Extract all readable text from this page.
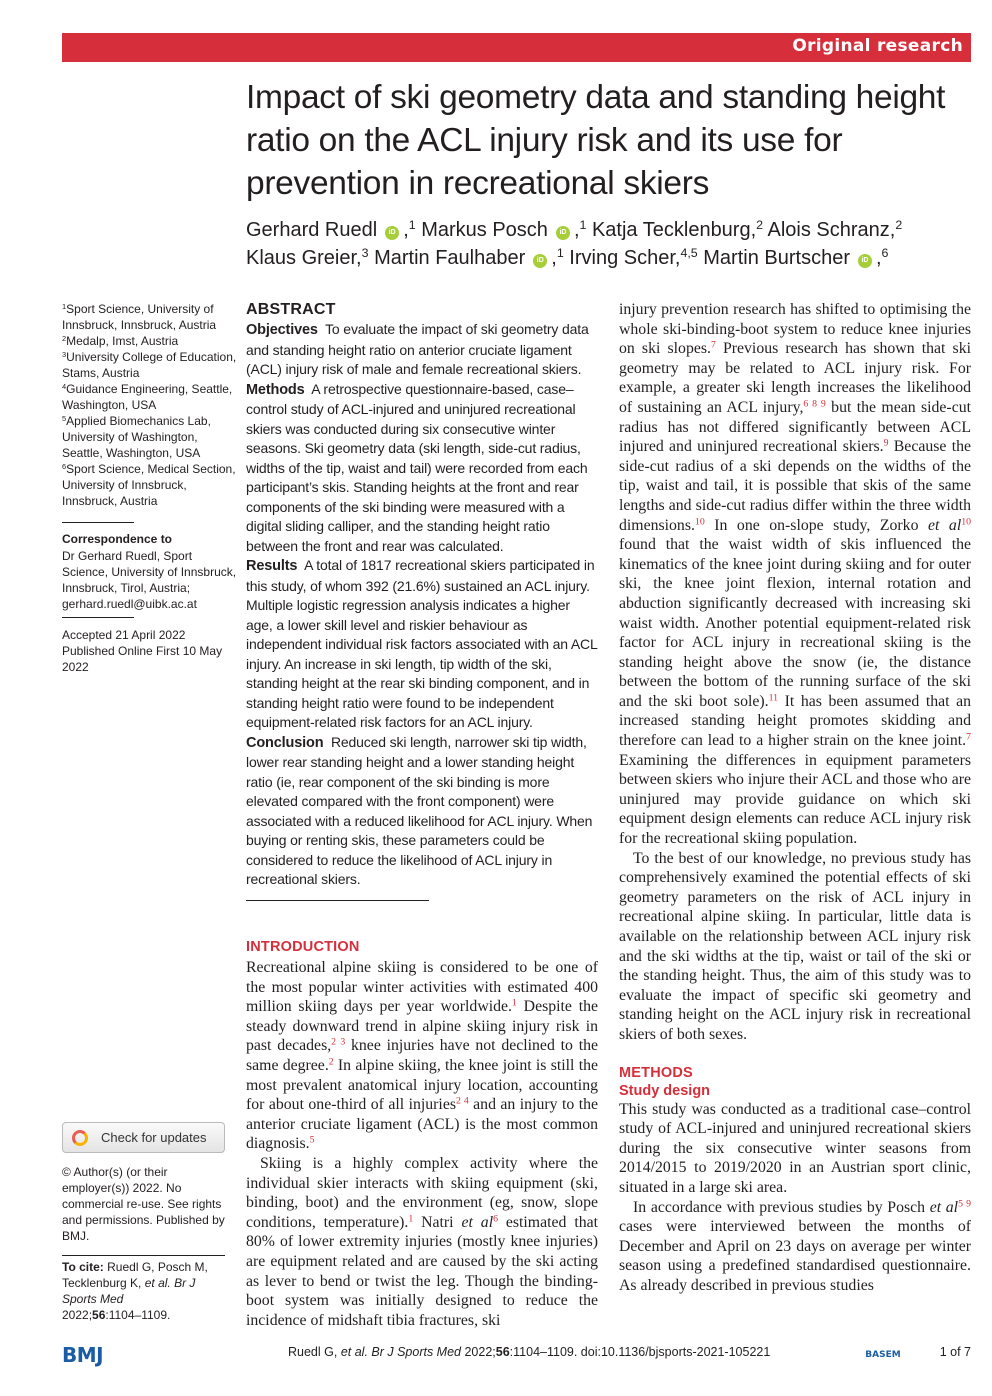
Original research
Impact of ski geometry data and standing height ratio on the ACL injury risk and its use for prevention in recreational skiers
Gerhard Ruedl iD ,$^1$ Markus Posch iD ,$^1$ Katja Tecklenburg,$^2$ Alois Schranz,$^2$
Klaus Greier,$^3$ Martin Faulhaber iD ,$^1$ Irving Scher,$^{4,5}$ Martin Burtscher iD ,$^6$

$^1$Sport Science, University of Innsbruck, Innsbruck, Austria

$^2$Medalp, Imst, Austria

$^3$University College of Education, Stams, Austria

$^4$Guidance Engineering, Seattle, Washington, USA

$^5$Applied Biomechanics Lab, University of Washington, Seattle, Washington, USA

$^6$Sport Science, Medical Section, University of Innsbruck, Innsbruck, Austria

Correspondence to

Dr Gerhard Ruedl, Sport Science, University of Innsbruck, Innsbruck, Tirol, Austria; gerhard.ruedl@uibk.ac.at

Accepted 21 April 2022

Published Online First 10 May 2022

Check for updates
© Author(s) (or their employer(s)) 2022. No commercial re-use. See rights and permissions. Published by BMJ.
To cite: Ruedl G, Posch M, Tecklenburg K, et al. Br J Sports Med
2022;56:1104–1109.
ABSTRACT

Objectives To evaluate the impact of ski geometry data and standing height ratio on anterior cruciate ligament (ACL) injury risk of male and female recreational skiers.

Methods A retrospective questionnaire-based, case–control study of ACL-injured and uninjured recreational skiers was conducted during six consecutive winter seasons. Ski geometry data (ski length, side-cut radius, widths of the tip, waist and tail) were recorded from each participant’s skis. Standing heights at the front and rear components of the ski binding were measured with a digital sliding calliper, and the standing height ratio between the front and rear was calculated.

Results A total of 1817 recreational skiers participated in this study, of whom 392 (21.6%) sustained an ACL injury. Multiple logistic regression analysis indicates a higher age, a lower skill level and riskier behaviour as independent individual risk factors associated with an ACL injury. An increase in ski length, tip width of the ski, standing height at the rear ski binding component, and in standing height ratio were found to be independent equipment-related risk factors for an ACL injury.

Conclusion Reduced ski length, narrower ski tip width, lower rear standing height and a lower standing height ratio (ie, rear component of the ski binding is more elevated compared with the front component) were associated with a reduced likelihood for ACL injury. When buying or renting skis, these parameters could be considered to reduce the likelihood of ACL injury in recreational skiers.

INTRODUCTION

Recreational alpine skiing is considered to be one of the most popular winter activities with estimated 400 million skiing days per year worldwide.$^1$ Despite the steady downward trend in alpine skiing injury risk in past decades,$^{2 3}$ knee injuries have not declined to the same degree.$^2$ In alpine skiing, the knee joint is still the most prevalent anatomical injury location, accounting for about one-third of all injuries$^{2 4}$ and an injury to the anterior cruciate ligament (ACL) is the most common diagnosis.$^5$

Skiing is a highly complex activity where the individual skier interacts with skiing equipment (ski, binding, boot) and the environment (eg, snow, slope conditions, temperature).$^1$ Natri et al$^6$ estimated that 80% of lower extremity injuries (mostly knee injuries) are equipment related and are caused by the ski acting as lever to bend or twist the leg. Though the binding-boot system was initially designed to reduce the incidence of midshaft tibia fractures, ski

injury prevention research has shifted to optimising the whole ski-binding-boot system to reduce knee injuries on ski slopes.$^7$ Previous research has shown that ski geometry may be related to ACL injury risk. For example, a greater ski length increases the likelihood of sustaining an ACL injury,$^{6 8 9}$ but the mean side-cut radius has not differed significantly between ACL injured and uninjured recreational skiers.$^9$ Because the side-cut radius of a ski depends on the widths of the tip, waist and tail, it is possible that skis of the same lengths and side-cut radius differ within the three width dimensions.$^{10}$ In one on-slope study, Zorko et al$^{10}$ found that the waist width of skis influenced the kinematics of the knee joint during skiing and for outer ski, the knee joint flexion, internal rotation and abduction significantly decreased with increasing ski waist width. Another potential equipment-related risk factor for ACL injury in recreational skiing is the standing height above the snow (ie, the distance between the bottom of the running surface of the ski and the ski boot sole).$^{11}$ It has been assumed that an increased standing height promotes skidding and therefore can lead to a higher strain on the knee joint.$^7$ Examining the differences in equipment parameters between skiers who injure their ACL and those who are uninjured may provide guidance on which ski equipment design elements can reduce ACL injury risk for the recreational skiing population.

To the best of our knowledge, no previous study has comprehensively examined the potential effects of ski geometry parameters on the risk of ACL injury in recreational alpine skiing. In particular, little data is available on the relationship between ACL injury risk and the ski widths at the tip, waist or tail of the ski or the standing height. Thus, the aim of this study was to evaluate the impact of specific ski geometry and standing height on the ACL injury risk in recreational skiers of both sexes.

METHODS
Study design

This study was conducted as a traditional case–control study of ACL-injured and uninjured recreational skiers during the six consecutive winter seasons from 2014/2015 to 2019/2020 in an Austrian sport clinic, situated in a large ski area.

In accordance with previous studies by Posch et al$^{5 9}$ cases were interviewed between the months of December and April on 23 days on average per winter season using a predefined standardised questionnaire. As already described in previous studies

BMJ	Ruedl G, et al. Br J Sports Med 2022;56:1104–1109. doi:10.1136/bjsports-2021-105221	BASEM	1 of 7
